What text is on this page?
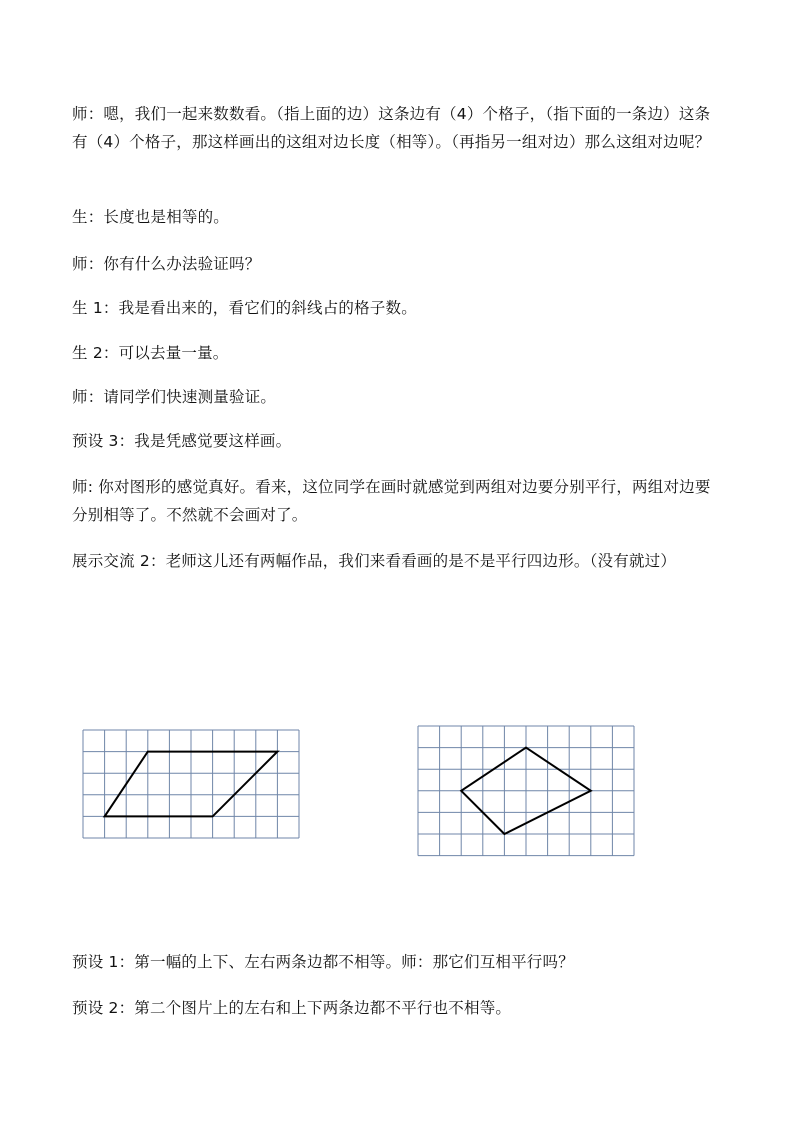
师：嗯，我们一起来数数看。（指上面的边）这条边有（4）个格子，（指下面的一条边）这条有（4）个格子，那这样画出的这组对边长度（相等）。（再指另一组对边）那么这组对边呢？

生：长度也是相等的。

师：你有什么办法验证吗？

生 1：我是看出来的，看它们的斜线占的格子数。

生 2：可以去量一量。

师：请同学们快速测量验证。

预设 3：我是凭感觉要这样画。

师: 你对图形的感觉真好。看来，这位同学在画时就感觉到两组对边要分别平行，两组对边要分别相等了。不然就不会画对了。

展示交流 2：老师这儿还有两幅作品，我们来看看画的是不是平行四边形。（没有就过）

预设 1：第一幅的上下、左右两条边都不相等。师：那它们互相平行吗？

预设 2：第二个图片上的左右和上下两条边都不平行也不相等。
